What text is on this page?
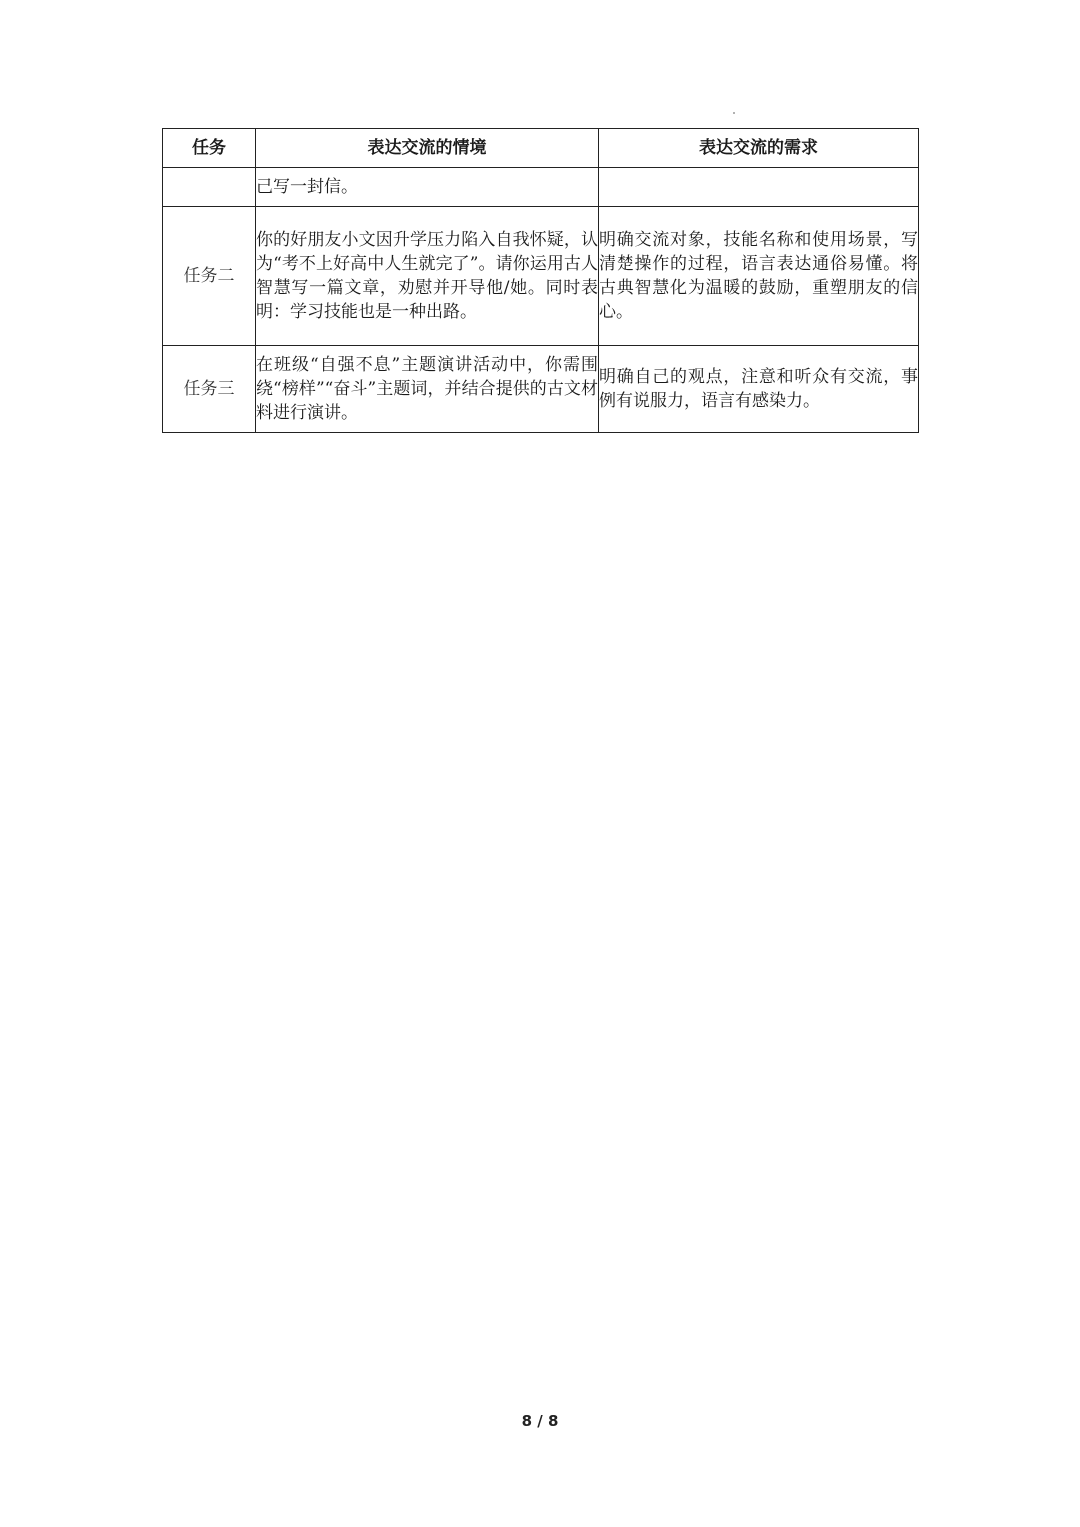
任务	表达交流的情境	表达交流的需求
	己写一封信。	
任务二	你的好朋友小文因升学压力陷入自我怀疑，认为“考不上好高中人生就完了”。请你运用古人智慧写一篇文章，劝慰并开导他/她。同时表明：学习技能也是一种出路。	明确交流对象，技能名称和使用场景，写清楚操作的过程，语言表达通俗易懂。将古典智慧化为温暖的鼓励，重塑朋友的信心。
任务三	在班级“自强不息”主题演讲活动中，你需围绕“榜样”“奋斗”主题词，并结合提供的古文材料进行演讲。	明确自己的观点，注意和听众有交流，事例有说服力，语言有感染力。
8 / 8
